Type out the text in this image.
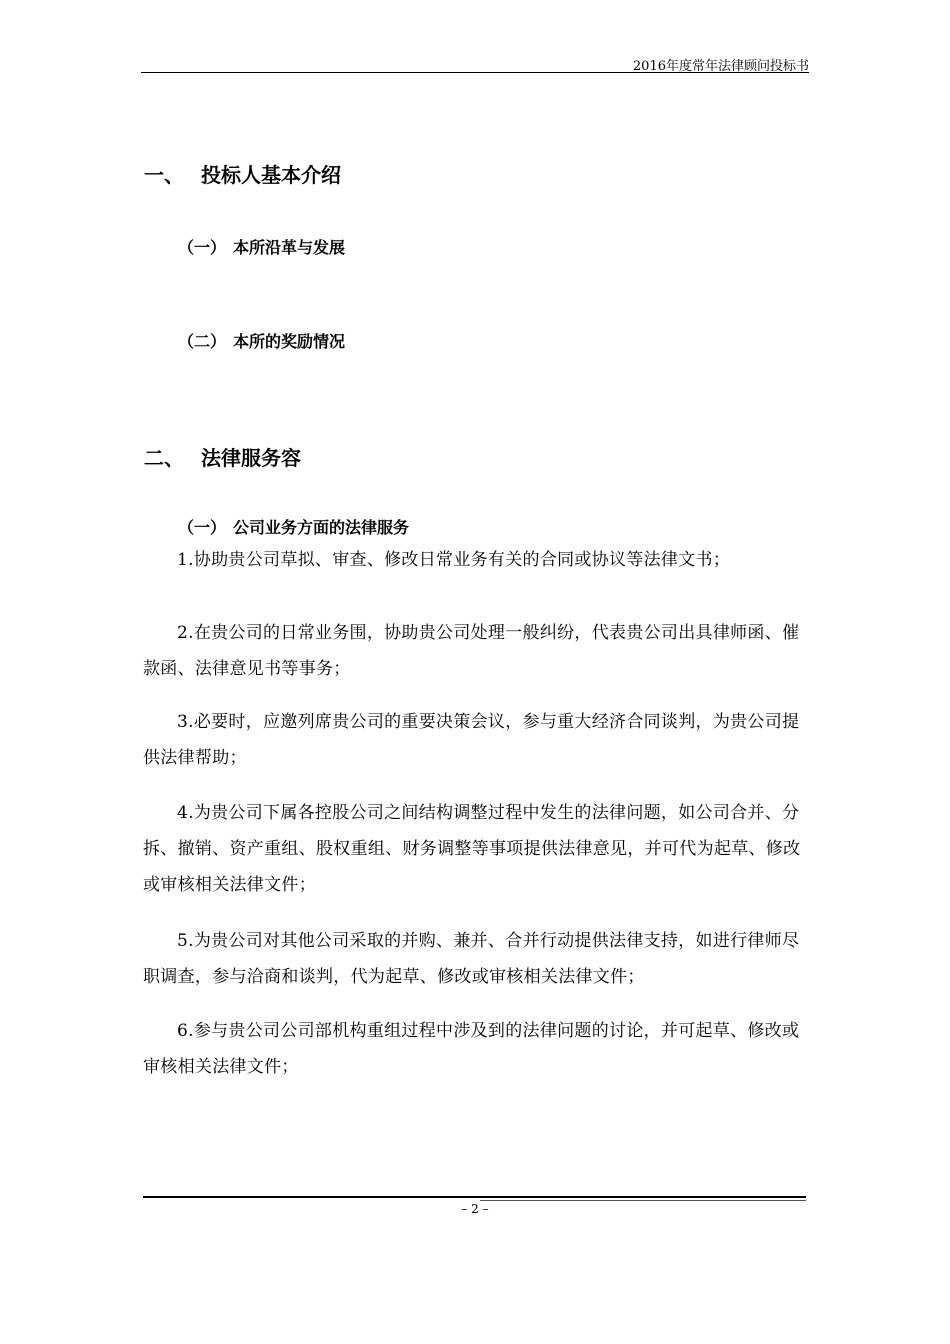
2016年度常年法律顾问投标书
一、 投标人基本介绍
（一） 本所沿革与发展
（二） 本所的奖励情况
二、 法律服务容
（一） 公司业务方面的法律服务

1.协助贵公司草拟、审查、修改日常业务有关的合同或协议等法律文书；

2.在贵公司的日常业务围，协助贵公司处理一般纠纷，代表贵公司出具律师函、催款函、法律意见书等事务；

3.必要时，应邀列席贵公司的重要决策会议，参与重大经济合同谈判，为贵公司提供法律帮助；

4.为贵公司下属各控股公司之间结构调整过程中发生的法律问题，如公司合并、分拆、撤销、资产重组、股权重组、财务调整等事项提供法律意见，并可代为起草、修改或审核相关法律文件；

5.为贵公司对其他公司采取的并购、兼并、合并行动提供法律支持，如进行律师尽职调查，参与洽商和谈判，代为起草、修改或审核相关法律文件；

6.参与贵公司公司部机构重组过程中涉及到的法律问题的讨论，并可起草、修改或审核相关法律文件；

– 2 –
